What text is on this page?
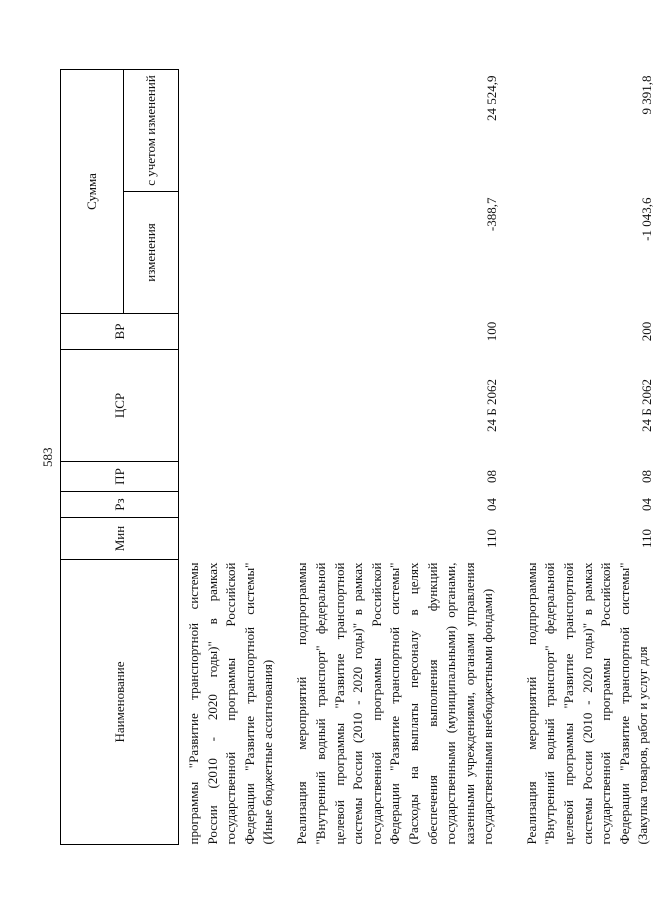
583
Наименование	Мин	Рз	ПР	ЦСР	ВР	Сумма	
						изменения	с учетом изменений
программы "Развитие транспортной системы России (2010 - 2020 годы)" в рамках государственной программы Российской Федерации "Развитие транспортной системы" (Иные бюджетные ассигнования)							
Реализация мероприятий подпрограммы "Внутренний водный транспорт" федеральной целевой программы "Развитие транспортной системы России (2010 - 2020 годы)" в рамках государственной программы Российской Федерации "Развитие транспортной системы" (Расходы на выплаты персоналу в целях обеспечения выполнения функций государственными (муниципальными) органами, казенными учреждениями, органами управления государственными внебюджетными фондами)	110	04	08	24 Б 2062	100	-388,7	24 524,9
Реализация мероприятий подпрограммы "Внутренний водный транспорт" федеральной целевой программы "Развитие транспортной системы России (2010 - 2020 годы)" в рамках государственной программы Российской Федерации "Развитие транспортной системы" (Закупка товаров, работ и услуг для	110	04	08	24 Б 2062	200	-1 043,6	9 391,8
